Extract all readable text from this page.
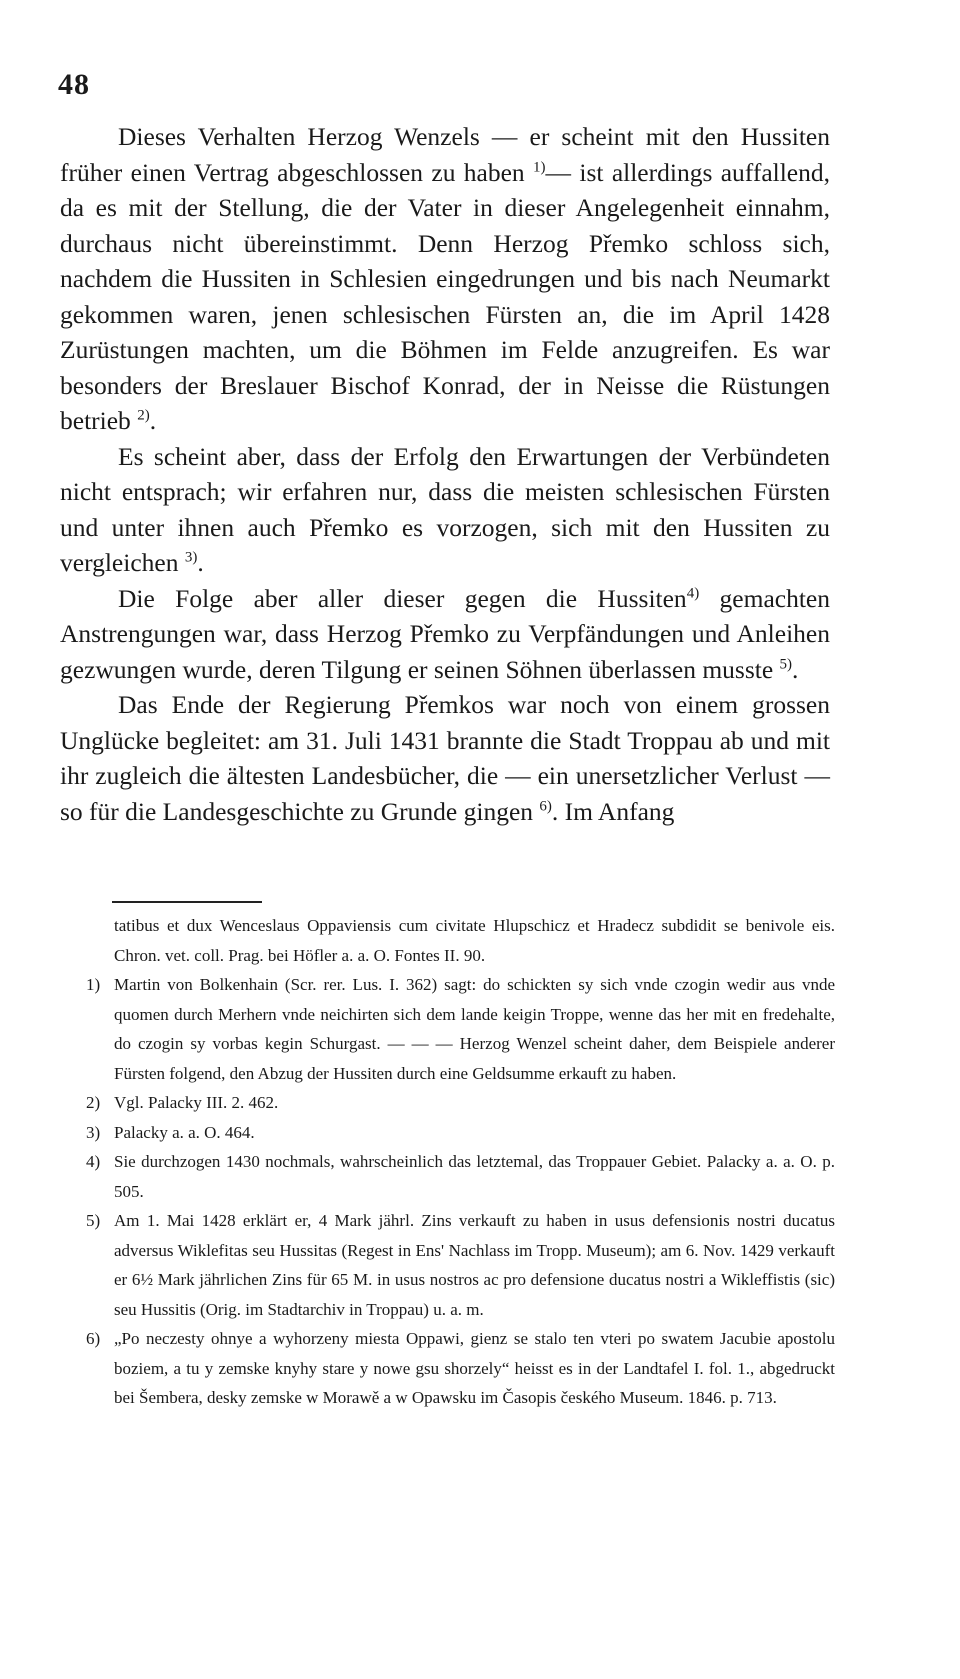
48

Dieses Verhalten Herzog Wenzels — er scheint mit den Hussiten früher einen Vertrag abgeschlossen zu haben $^{1)}$— ist allerdings auffallend, da es mit der Stellung, die der Vater in dieser Angelegenheit einnahm, durchaus nicht übereinstimmt. Denn Herzog Přemko schloss sich, nachdem die Hussiten in Schlesien eingedrungen und bis nach Neumarkt gekommen waren, jenen schlesischen Fürsten an, die im April 1428 Zurüstungen machten, um die Böhmen im Felde anzugreifen. Es war besonders der Breslauer Bischof Konrad, der in Neisse die Rüstungen betrieb $^{2)}$.

Es scheint aber, dass der Erfolg den Erwartungen der Verbündeten nicht entsprach; wir erfahren nur, dass die meisten schlesischen Fürsten und unter ihnen auch Přemko es vorzogen, sich mit den Hussiten zu vergleichen $^{3)}$.

Die Folge aber aller dieser gegen die Hussiten$^{4)}$ gemachten Anstrengungen war, dass Herzog Přemko zu Verpfändungen und Anleihen gezwungen wurde, deren Tilgung er seinen Söhnen überlassen musste $^{5)}$.

Das Ende der Regierung Přemkos war noch von einem grossen Unglücke begleitet: am 31. Juli 1431 brannte die Stadt Troppau ab und mit ihr zugleich die ältesten Landesbücher, die — ein unersetzlicher Verlust — so für die Landesgeschichte zu Grunde gingen $^{6)}$. Im Anfang

tatibus et dux Wenceslaus Oppaviensis cum civitate Hlupschicz et Hradecz subdidit se benivole eis. Chron. vet. coll. Prag. bei Höfler a. a. O. Fontes II. 90.
1) Martin von Bolkenhain (Scr. rer. Lus. I. 362) sagt: do schickten sy sich vnde czogin wedir aus vnde quomen durch Merhern vnde neichirten sich dem lande keigin Troppe, wenne das her mit en fredehalte, do czogin sy vorbas kegin Schurgast. — — — Herzog Wenzel scheint daher, dem Beispiele anderer Fürsten folgend, den Abzug der Hussiten durch eine Geldsumme erkauft zu haben.
2) Vgl. Palacky III. 2. 462.
3) Palacky a. a. O. 464.
4) Sie durchzogen 1430 nochmals, wahrscheinlich das letztemal, das Troppauer Gebiet. Palacky a. a. O. p. 505.
5) Am 1. Mai 1428 erklärt er, 4 Mark jährl. Zins verkauft zu haben in usus defensionis nostri ducatus adversus Wiklefitas seu Hussitas (Regest in Ens' Nachlass im Tropp. Museum); am 6. Nov. 1429 verkauft er 6½ Mark jährlichen Zins für 65 M. in usus nostros ac pro defensione ducatus nostri a Wikleffistis (sic) seu Hussitis (Orig. im Stadtarchiv in Troppau) u. a. m.
6) „Po neczesty ohnye a wyhorzeny miesta Oppawi, gienz se stalo ten vteri po swatem Jacubie apostolu boziem, a tu y zemske knyhy stare y nowe gsu shorzely“ heisst es in der Landtafel I. fol. 1., abgedruckt bei Šembera, desky zemske w Morawě a w Opawsku im Časopis českého Museum. 1846. p. 713.
